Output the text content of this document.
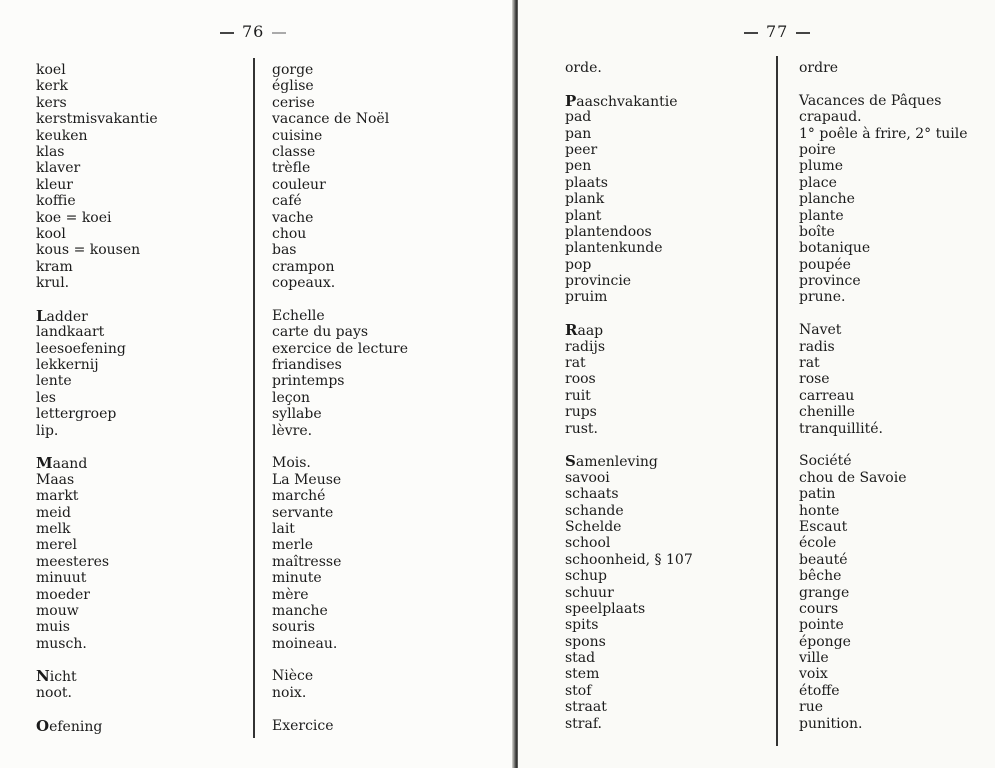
76
koel
kerk
kers
kerstmisvakantie
keuken
klas
klaver
kleur
koffie
koe = koei
kool
kous = kousen
kram
krul.
Ladder
landkaart
leesoefening
lekkernij
lente
les
lettergroep
lip.
Maand
Maas
markt
meid
melk
merel
meesteres
minuut
moeder
mouw
muis
musch.
Nicht
noot.
Oefening
gorge
église
cerise
vacance de Noël
cuisine
classe
trèfle
couleur
café
vache
chou
bas
crampon
copeaux.
Echelle
carte du pays
exercice de lecture
friandises
printemps
leçon
syllabe
lèvre.
Mois.
La Meuse
marché
servante
lait
merle
maîtresse
minute
mère
manche
souris
moineau.
Nièce
noix.
Exercice
77
orde.
Paaschvakantie
pad
pan
peer
pen
plaats
plank
plant
plantendoos
plantenkunde
pop
provincie
pruim
Raap
radijs
rat
roos
ruit
rups
rust.
Samenleving
savooi
schaats
schande
Schelde
school
schoonheid, § 107
schup
schuur
speelplaats
spits
spons
stad
stem
stof
straat
straf.
ordre
Vacances de Pâques
crapaud.
1° poêle à frire, 2° tuile
poire
plume
place
planche
plante
boîte
botanique
poupée
province
prune.
Navet
radis
rat
rose
carreau
chenille
tranquillité.
Société
chou de Savoie
patin
honte
Escaut
école
beauté
bêche
grange
cours
pointe
éponge
ville
voix
étoffe
rue
punition.
